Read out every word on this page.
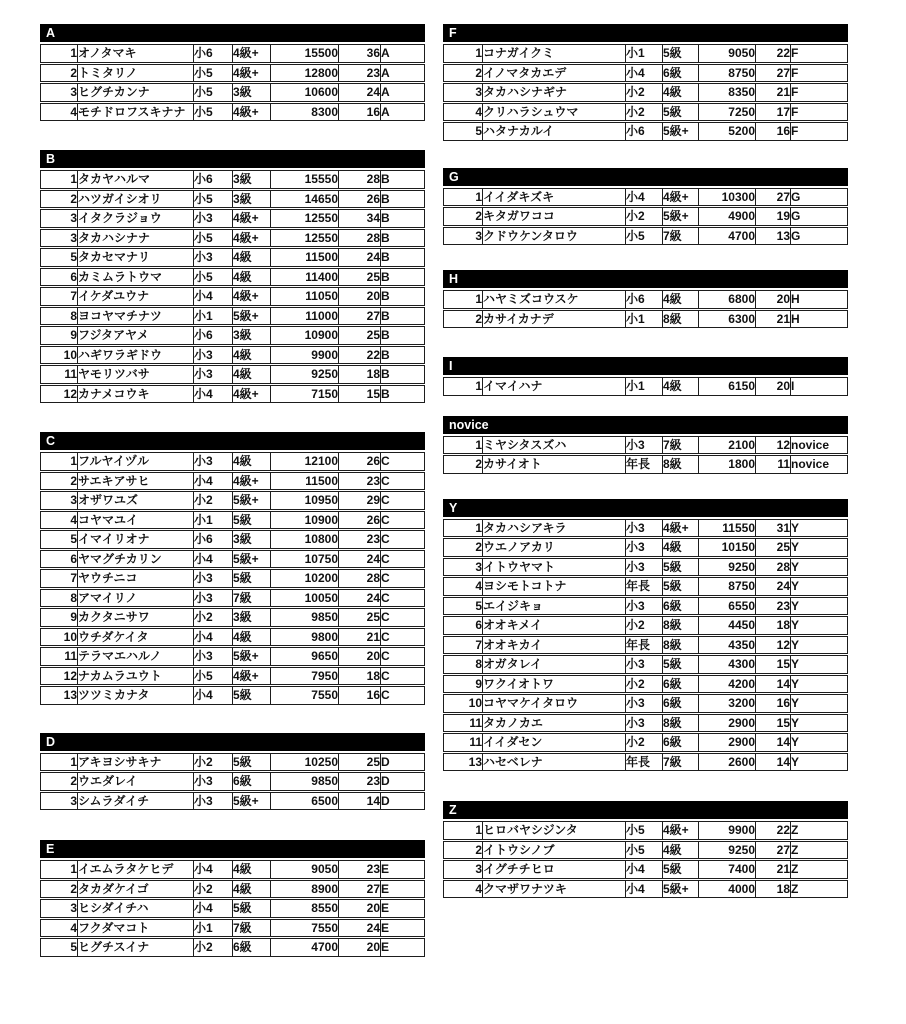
A
1	オノタマキ	小6	4級+	15500	36	A
2	トミタリノ	小5	4級+	12800	23	A
3	ヒグチカンナ	小5	3級	10600	24	A
4	モチドロフスキナナ	小5	4級+	8300	16	A
B
1	タカヤハルマ	小6	3級	15550	28	B
2	ハツガイシオリ	小5	3級	14650	26	B
3	イタクラジョウ	小3	4級+	12550	34	B
3	タカハシナナ	小5	4級+	12550	28	B
5	タカセマナリ	小3	4級	11500	24	B
6	カミムラトウマ	小5	4級	11400	25	B
7	イケダユウナ	小4	4級+	11050	20	B
8	ヨコヤマチナツ	小1	5級+	11000	27	B
9	フジタアヤメ	小6	3級	10900	25	B
10	ハギワラギドウ	小3	4級	9900	22	B
11	ヤモリツバサ	小3	4級	9250	18	B
12	カナメコウキ	小4	4級+	7150	15	B
C
1	フルヤイヅル	小3	4級	12100	26	C
2	サエキアサヒ	小4	4級+	11500	23	C
3	オザワユズ	小2	5級+	10950	29	C
4	コヤマユイ	小1	5級	10900	26	C
5	イマイリオナ	小6	3級	10800	23	C
6	ヤマグチカリン	小4	5級+	10750	24	C
7	ヤウチニコ	小3	5級	10200	28	C
8	アマイリノ	小3	7級	10050	24	C
9	カクタニサワ	小2	3級	9850	25	C
10	ウチダケイタ	小4	4級	9800	21	C
11	テラマエハルノ	小3	5級+	9650	20	C
12	ナカムラユウト	小5	4級+	7950	18	C
13	ツツミカナタ	小4	5級	7550	16	C
D
1	アキヨシサキナ	小2	5級	10250	25	D
2	ウエダレイ	小3	6級	9850	23	D
3	シムラダイチ	小3	5級+	6500	14	D
E
1	イエムラタケヒデ	小4	4級	9050	23	E
2	タカダケイゴ	小2	4級	8900	27	E
3	ヒシダイチハ	小4	5級	8550	20	E
4	フクダマコト	小1	7級	7550	24	E
5	ヒグチスイナ	小2	6級	4700	20	E
F
1	コナガイクミ	小1	5級	9050	22	F
2	イノマタカエデ	小4	6級	8750	27	F
3	タカハシナギナ	小2	4級	8350	21	F
4	クリハラシュウマ	小2	5級	7250	17	F
5	ハタナカルイ	小6	5級+	5200	16	F
G
1	イイダキズキ	小4	4級+	10300	27	G
2	キタガワココ	小2	5級+	4900	19	G
3	クドウケンタロウ	小5	7級	4700	13	G
H
1	ハヤミズコウスケ	小6	4級	6800	20	H
2	カサイカナデ	小1	8級	6300	21	H
I
1	イマイハナ	小1	4級	6150	20	I
novice
1	ミヤシタスズハ	小3	7級	2100	12	novice
2	カサイオト	年長	8級	1800	11	novice
Y
1	タカハシアキラ	小3	4級+	11550	31	Y
2	ウエノアカリ	小3	4級	10150	25	Y
3	イトウヤマト	小3	5級	9250	28	Y
4	ヨシモトコトナ	年長	5級	8750	24	Y
5	エイジキョ	小3	6級	6550	23	Y
6	オオキメイ	小2	8級	4450	18	Y
7	オオキカイ	年長	8級	4350	12	Y
8	オガタレイ	小3	5級	4300	15	Y
9	ワクイオトワ	小2	6級	4200	14	Y
10	コヤマケイタロウ	小3	6級	3200	16	Y
11	タカノカエ	小3	8級	2900	15	Y
11	イイダセン	小2	6級	2900	14	Y
13	ハセベレナ	年長	7級	2600	14	Y
Z
1	ヒロバヤシジンタ	小5	4級+	9900	22	Z
2	イトウシノブ	小5	4級	9250	27	Z
3	イグチチヒロ	小4	5級	7400	21	Z
4	クマザワナツキ	小4	5級+	4000	18	Z
